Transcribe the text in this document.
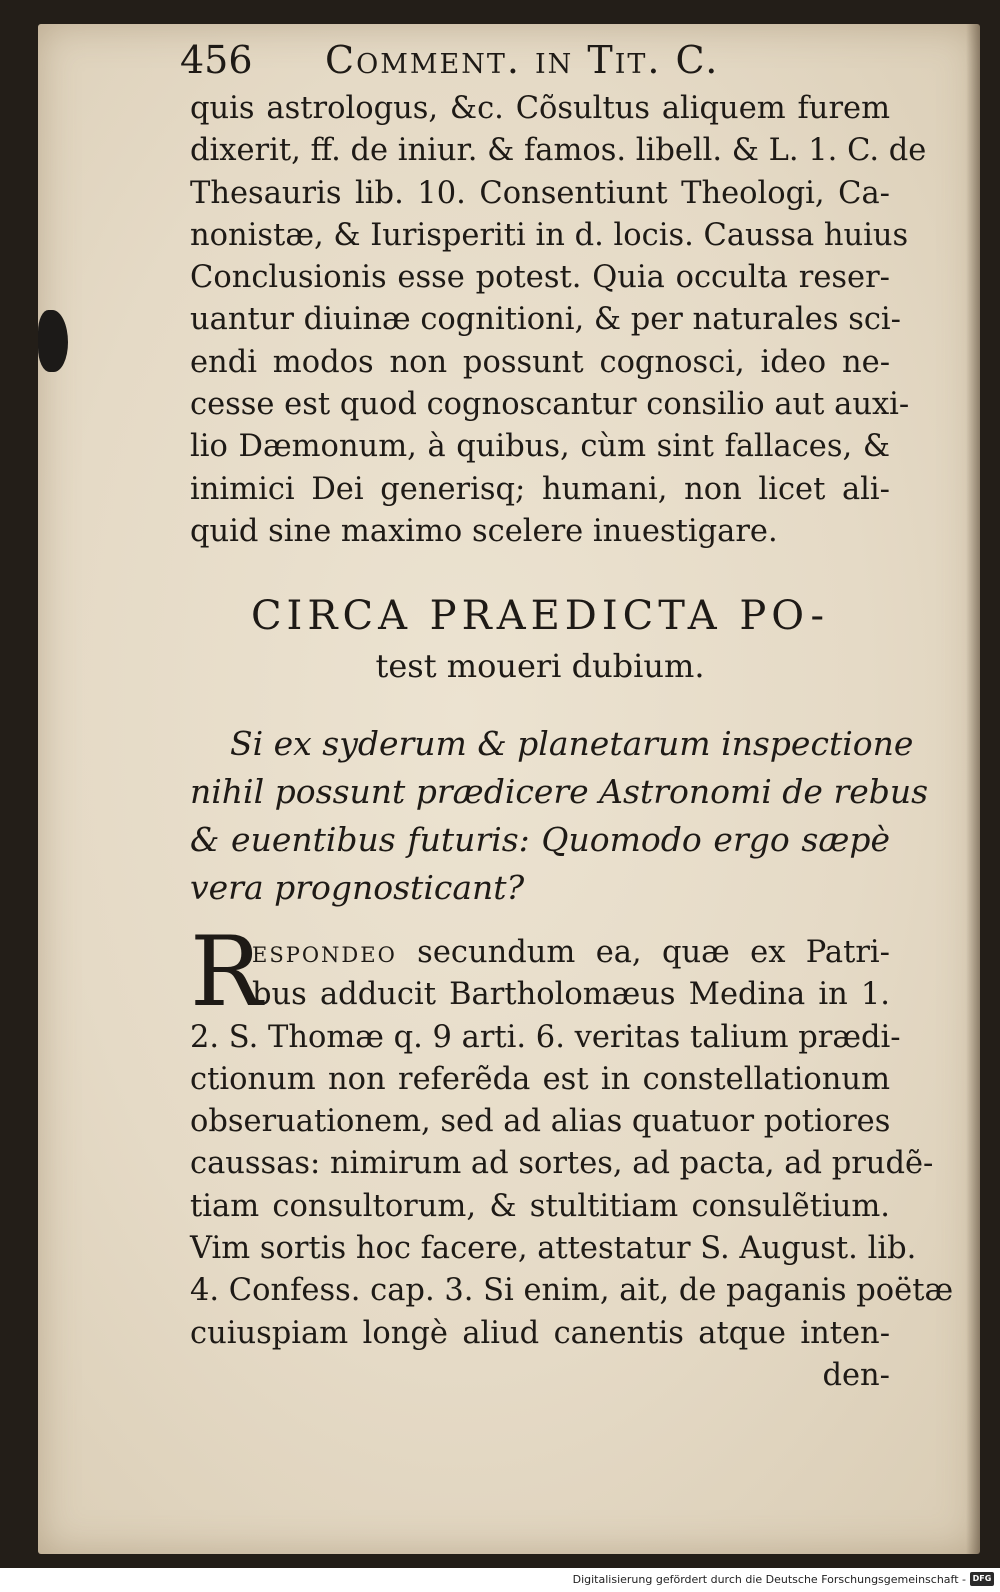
456 Comment. in Tit. C.
quis astrologus, &c. Cõsultus aliquem furem
dixerit, ff. de iniur. & famos. libell. & L. 1. C. de
Thesauris lib. 10. Consentiunt Theologi, Ca-
nonistæ, & Iurisperiti in d. locis. Caussa huius
Conclusionis esse potest. Quia occulta reser-
uantur diuinæ cognitioni, & per naturales sci-
endi modos non possunt cognosci, ideo ne-
cesse est quod cognoscantur consilio aut auxi-
lio Dæmonum, à quibus, cùm sint fallaces, &
inimici Dei generisq; humani, non licet ali-
quid sine maximo scelere inuestigare.
CIRCA PRAEDICTA PO-
test moueri dubium.
Si ex syderum & planetarum inspectione
nihil possunt prædicere Astronomi de rebus
& euentibus futuris: Quomodo ergo sæpè
vera prognosticant?
R
espondeo secundum ea, quæ ex Patri-
bus adducit Bartholomæus Medina in 1.
2. S. Thomæ q. 9 arti. 6. veritas talium prædi-
ctionum non referẽda est in constellationum
obseruationem, sed ad alias quatuor potiores
caussas: nimirum ad sortes, ad pacta, ad prudẽ-
tiam consultorum, & stultitiam consulẽtium.
Vim sortis hoc facere, attestatur S. August. lib.
4. Confess. cap. 3. Si enim, ait, de paganis poëtæ
cuiuspiam longè aliud canentis atque inten-
den-
Digitalisierung gefördert durch die Deutsche Forschungsgemeinschaft - DFG
